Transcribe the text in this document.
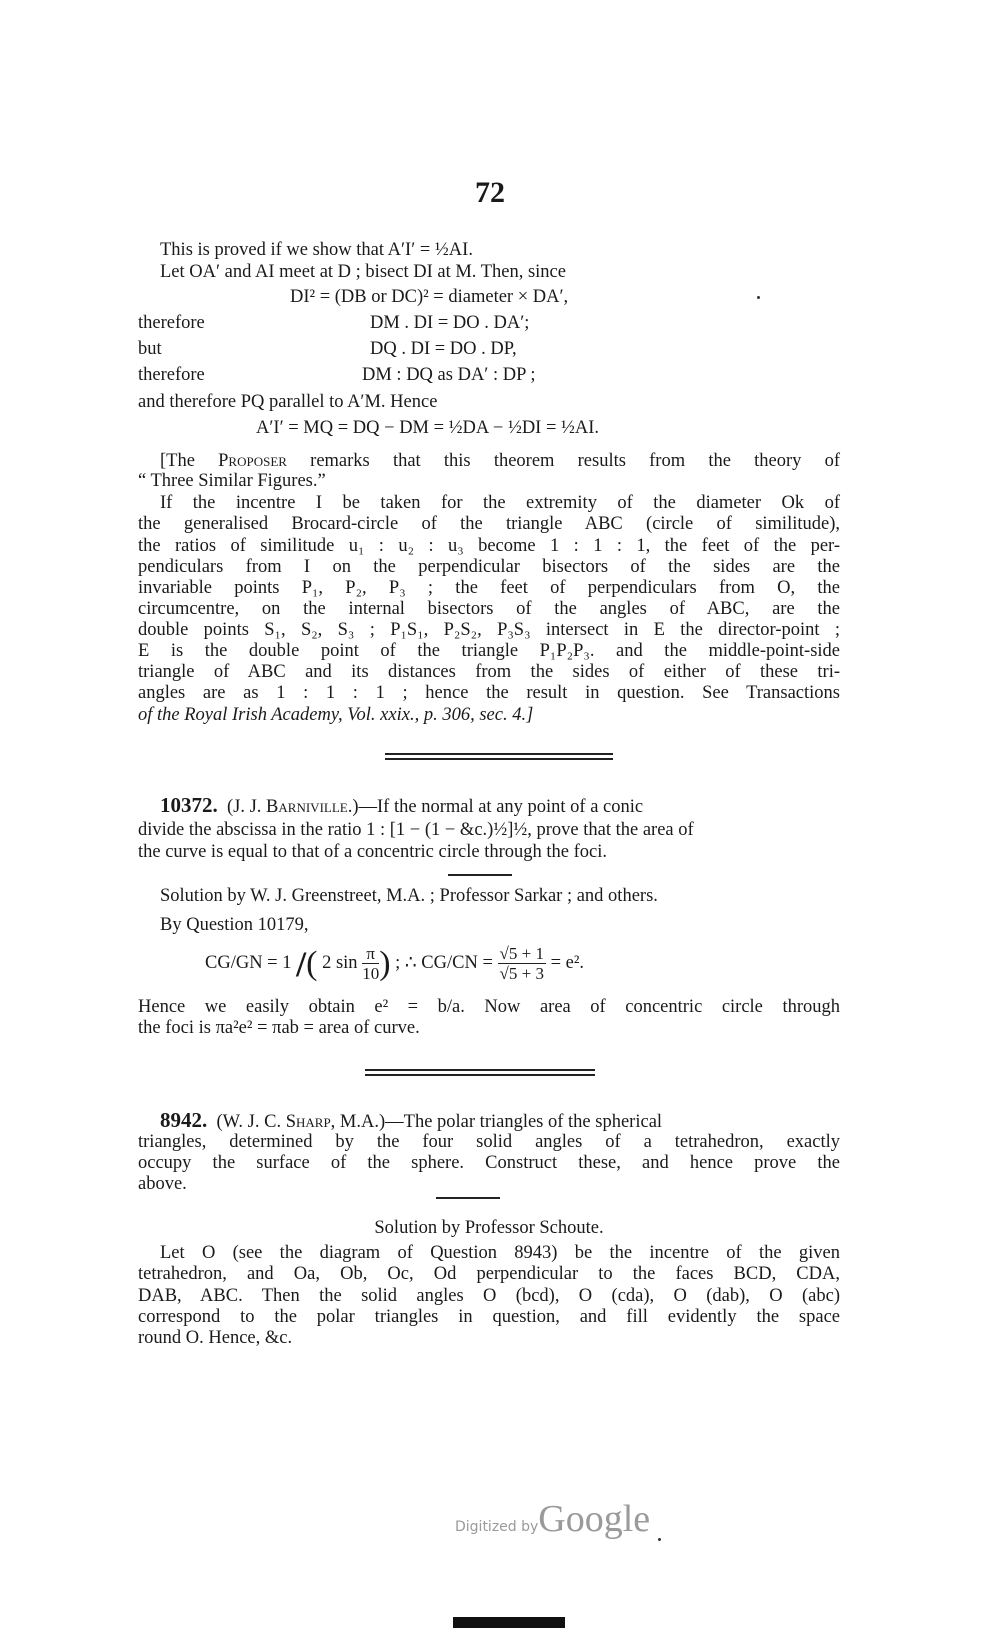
72
This is proved if we show that A′I′ = ½AI.
Let OA′ and AI meet at D ; bisect DI at M. Then, since
DI² = (DB or DC)² = diameter × DA′,
therefore	DM . DI = DO . DA′;
but	DQ . DI = DO . DP,
therefore	DM : DQ as DA′ : DP ;
and therefore PQ parallel to A′M. Hence
A′I′ = MQ = DQ − DM = ½DA − ½DI = ½AI.
[The Proposer remarks that this theorem results from the theory of
“ Three Similar Figures.”
If the incentre I be taken for the extremity of the diameter Ok of
the generalised Brocard-circle of the triangle ABC (circle of similitude),
the ratios of similitude u₁ : u₂ : u₃ become 1 : 1 : 1, the feet of the per-
pendiculars from I on the perpendicular bisectors of the sides are the
invariable points P₁, P₂, P₃ ; the feet of perpendiculars from O, the
circumcentre, on the internal bisectors of the angles of ABC, are the
double points S₁, S₂, S₃ ; P₁S₁, P₂S₂, P₃S₃ intersect in E the director-point ;
E is the double point of the triangle P₁P₂P₃. and the middle-point-side
triangle of ABC and its distances from the sides of either of these tri-
angles are as 1 : 1 : 1 ; hence the result in question. See Transactions
of the Royal Irish Academy, Vol. xxix., p. 306, sec. 4.]
10372. (J. J. Barniville.)—If the normal at any point of a conic
divide the abscissa in the ratio 1 : [1 − (1 − &c.)½]½, prove that the area of
the curve is equal to that of a concentric circle through the foci.
Solution by W. J. Greenstreet, M.A. ; Professor Sarkar ; and others.
By Question 10179,
CG/GN = 1 /( 2 $\sin \frac{\pi}{10}$ ) ; ∴ $CG/CN = \frac{√5 + 1}{√5 + 3} = e^2$.
Hence we easily obtain e² = b/a. Now area of concentric circle through
the foci is πa²e² = πab = area of curve.
8942. (W. J. C. Sharp, M.A.)—The polar triangles of the spherical
triangles, determined by the four solid angles of a tetrahedron, exactly
occupy the surface of the sphere. Construct these, and hence prove the
above.
Solution by Professor Schoute.
Let O (see the diagram of Question 8943) be the incentre of the given
tetrahedron, and Oa, Ob, Oc, Od perpendicular to the faces BCD, CDA,
DAB, ABC. Then the solid angles O (bcd), O (cda), O (dab), O (abc)
correspond to the polar triangles in question, and fill evidently the space
round O. Hence, &c.
Digitized byGoogle
